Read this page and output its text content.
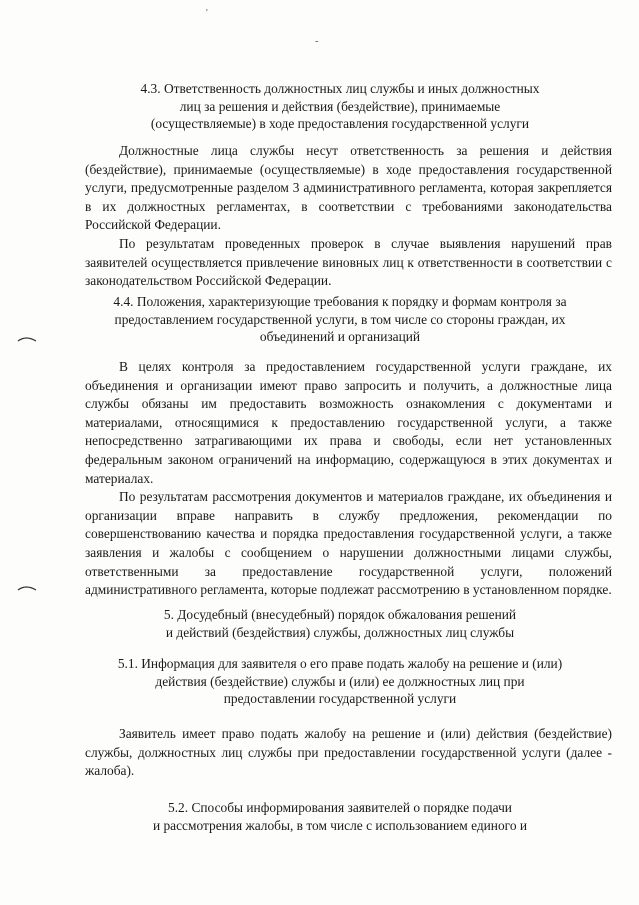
'
-
4.3. Ответственность должностных лиц службы и иных должностных
лиц за решения и действия (бездействие), принимаемые
(осуществляемые) в ходе предоставления государственной услуги

Должностные лица службы несут ответственность за решения и действия (бездействие), принимаемые (осуществляемые) в ходе предоставления государственной услуги, предусмотренные разделом 3 административного регламента, которая закрепляется в их должностных регламентах, в соответствии с требованиями законодательства Российской Федерации.

По результатам проведенных проверок в случае выявления нарушений прав заявителей осуществляется привлечение виновных лиц к ответственности в соответствии с законодательством Российской Федерации.

4.4. Положения, характеризующие требования к порядку и формам контроля за
предоставлением государственной услуги, в том числе со стороны граждан, их
объединений и организаций

В целях контроля за предоставлением государственной услуги граждане, их объединения и организации имеют право запросить и получить, а должностные лица службы обязаны им предоставить возможность ознакомления с документами и материалами, относящимися к предоставлению государственной услуги, а также непосредственно затрагивающими их права и свободы, если нет установленных федеральным законом ограничений на информацию, содержащуюся в этих документах и материалах.

По результатам рассмотрения документов и материалов граждане, их объединения и организации вправе направить в службу предложения, рекомендации по совершенствованию качества и порядка предоставления государственной услуги, а также заявления и жалобы с сообщением о нарушении должностными лицами службы, ответственными за предоставление государственной услуги, положений административного регламента, которые подлежат рассмотрению в установленном порядке.

5. Досудебный (внесудебный) порядок обжалования решений
и действий (бездействия) службы, должностных лиц службы
5.1. Информация для заявителя о его праве подать жалобу на решение и (или)
действия (бездействие) службы и (или) ее должностных лиц при
предоставлении государственной услуги

Заявитель имеет право подать жалобу на решение и (или) действия (бездействие) службы, должностных лиц службы при предоставлении государственной услуги (далее - жалоба).

5.2. Способы информирования заявителей о порядке подачи
и рассмотрения жалобы, в том числе с использованием единого и
